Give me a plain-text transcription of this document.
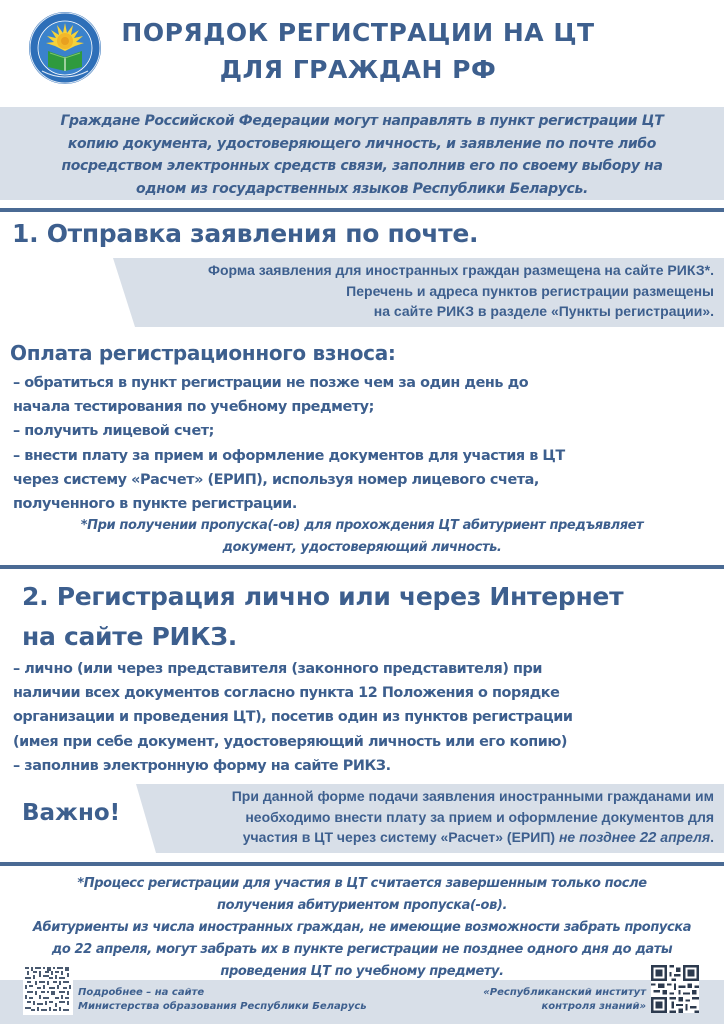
ПОРЯДОК РЕГИСТРАЦИИ НА ЦТ
ДЛЯ ГРАЖДАН РФ
Граждане Российской Федерации могут направлять в пункт регистрации ЦТ
копию документа, удостоверяющего личность, и заявление по почте либо
посредством электронных средств связи, заполнив его по своему выбору на
одном из государственных языков Республики Беларусь.
1. Отправка заявления по почте.
Форма заявления для иностранных граждан размещена на сайте РИКЗ*.
Перечень и адреса пунктов регистрации размещены
на сайте РИКЗ в разделе «Пункты регистрации».
Оплата регистрационного взноса:
– обратиться в пункт регистрации не позже чем за один день до
начала тестирования по учебному предмету;
– получить лицевой счет;
– внести плату за прием и оформление документов для участия в ЦТ
через систему «Расчет» (ЕРИП), используя номер лицевого счета,
полученного в пункте регистрации.
*При получении пропуска(-ов) для прохождения ЦТ абитуриент предъявляет
документ, удостоверяющий личность.
2. Регистрация лично или через Интернет
на сайте РИКЗ.
– лично (или через представителя (законного представителя) при
наличии всех документов согласно пункта 12 Положения о порядке
организации и проведения ЦТ), посетив один из пунктов регистрации
(имея при себе документ, удостоверяющий личность или его копию)
– заполнив электронную форму на сайте РИКЗ.
Важно!
При данной форме подачи заявления иностранными гражданами им
необходимо внести плату за прием и оформление документов для
участия в ЦТ через систему «Расчет» (ЕРИП) не позднее 22 апреля.
*Процесс регистрации для участия в ЦТ считается завершенным только после
получения абитуриентом пропуска(-ов).
Абитуриенты из числа иностранных граждан, не имеющие возможности забрать пропуска
до 22 апреля, могут забрать их в пункте регистрации не позднее одного дня до даты
проведения ЦТ по учебному предмету.
Подробнее – на сайте
Министерства образования Республики Беларусь
«Республиканский институт
контроля знаний»
